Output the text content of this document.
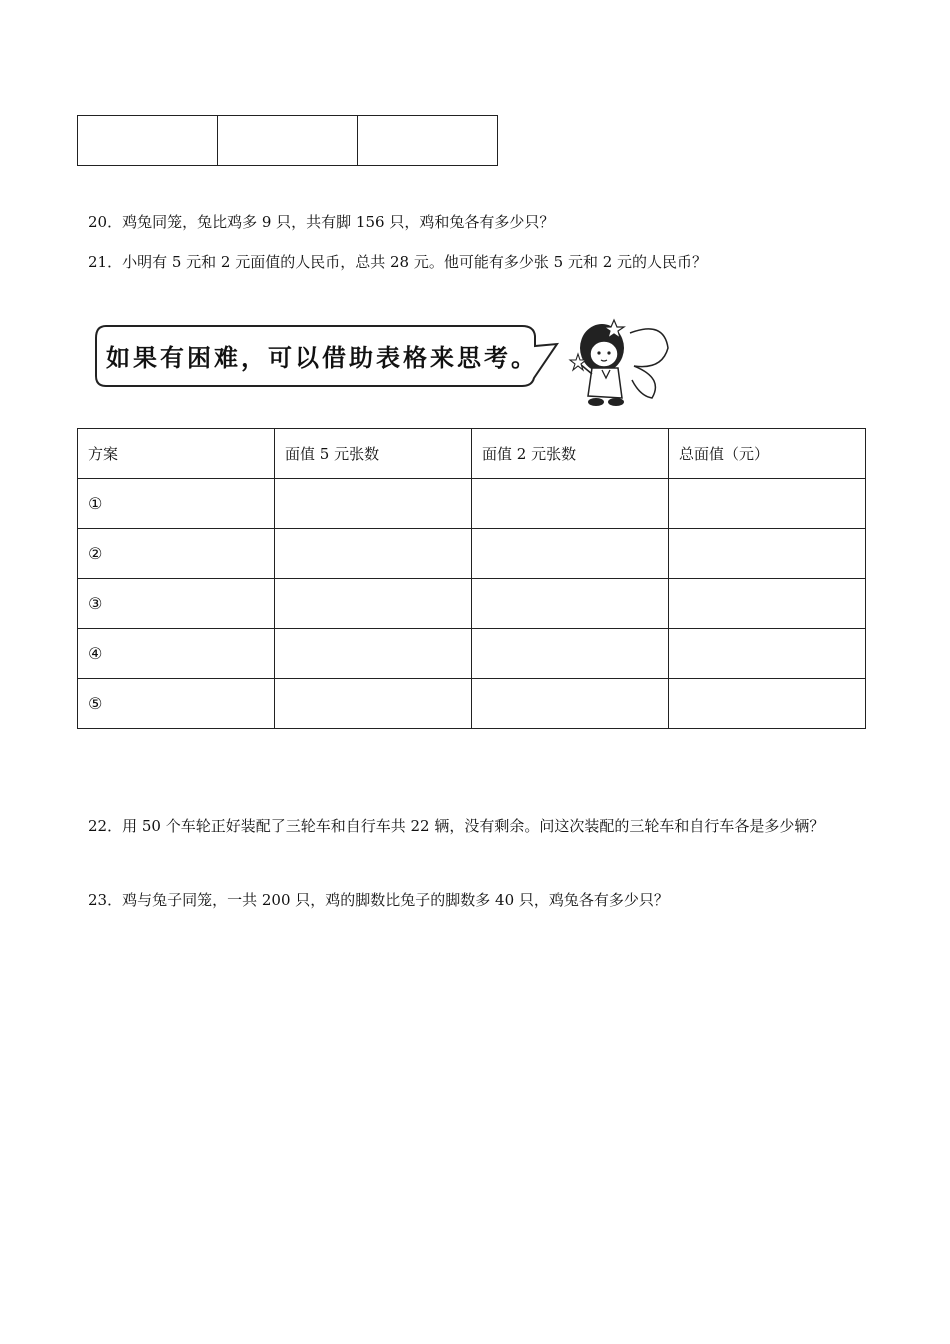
20．鸡兔同笼，兔比鸡多 9 只，共有脚 156 只，鸡和兔各有多少只？
21．小明有 5 元和 2 元面值的人民币，总共 28 元。他可能有多少张 5 元和 2 元的人民币？
如果有困难，可以借助表格来思考。
方案	面值 5 元张数	面值 2 元张数	总面值（元）
①			
②			
③			
④			
⑤			
22．用 50 个车轮正好装配了三轮车和自行车共 22 辆，没有剩余。问这次装配的三轮车和自行车各是多少辆？
23．鸡与兔子同笼，一共 200 只，鸡的脚数比兔子的脚数多 40 只，鸡兔各有多少只？
